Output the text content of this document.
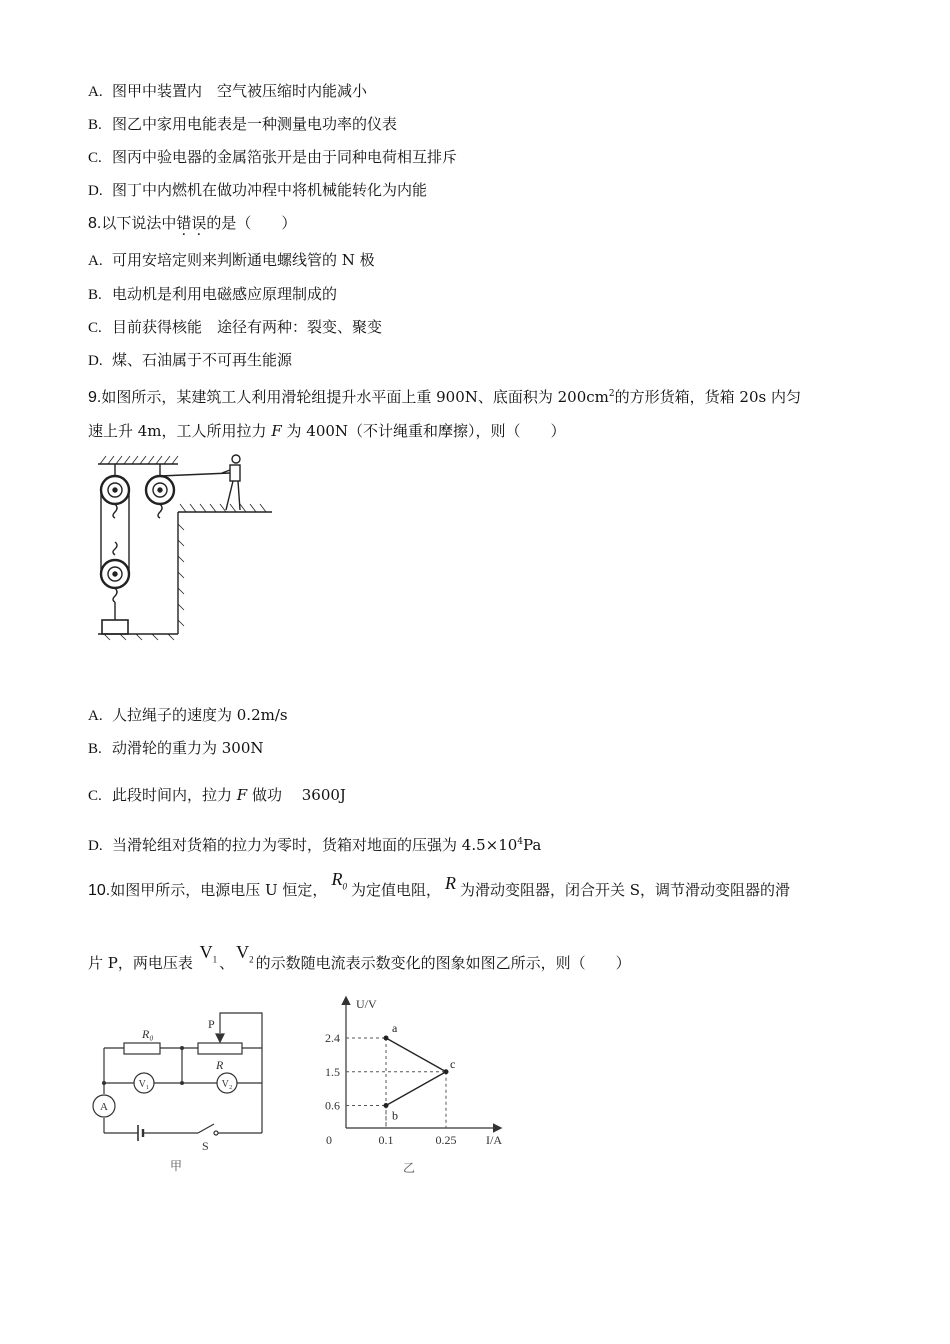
A. 图甲中装置内　空气被压缩时内能减小
B. 图乙中家用电能表是一种测量电功率的仪表
C. 图丙中验电器的金属箔张开是由于同种电荷相互排斥
D. 图丁中内燃机在做功冲程中将机械能转化为内能
8.以下说法中错误的是（　　）
A. 可用安培定则来判断通电螺线管的 N 极
B. 电动机是利用电磁感应原理制成的
C. 目前获得核能　途径有两种：裂变、聚变
D. 煤、石油属于不可再生能源
9.如图所示，某建筑工人利用滑轮组提升水平面上重 900N、底面积为 $200cm^2$的方形货箱，货箱 20s 内匀
速上升 4m，工人所用拉力 F 为 400N（不计绳重和摩擦），则（　　）
A. 人拉绳子的速度为 0.2m/s
B. 动滑轮的重力为 300N
C. 此段时间内，拉力 F 做功　 3600J
D. 当滑轮组对货箱的拉力为零时，货箱对地面的压强为 $4.5\times 10^4Pa$
10.如图甲所示，电源电压 U 恒定，$R_0$ 为定值电阻， R 为滑动变阻器，闭合开关 S，调节滑动变阻器的滑
片 P，两电压表 $V_1$ 、$V_2$ 的示数随电流表示数变化的图象如图乙所示，则（　　）
R₀
P
R
V₁	V₂
A
S
甲
a
b
c
2.4
1.5
0.6
0.1	0.25
U/V
I/A
0
乙
